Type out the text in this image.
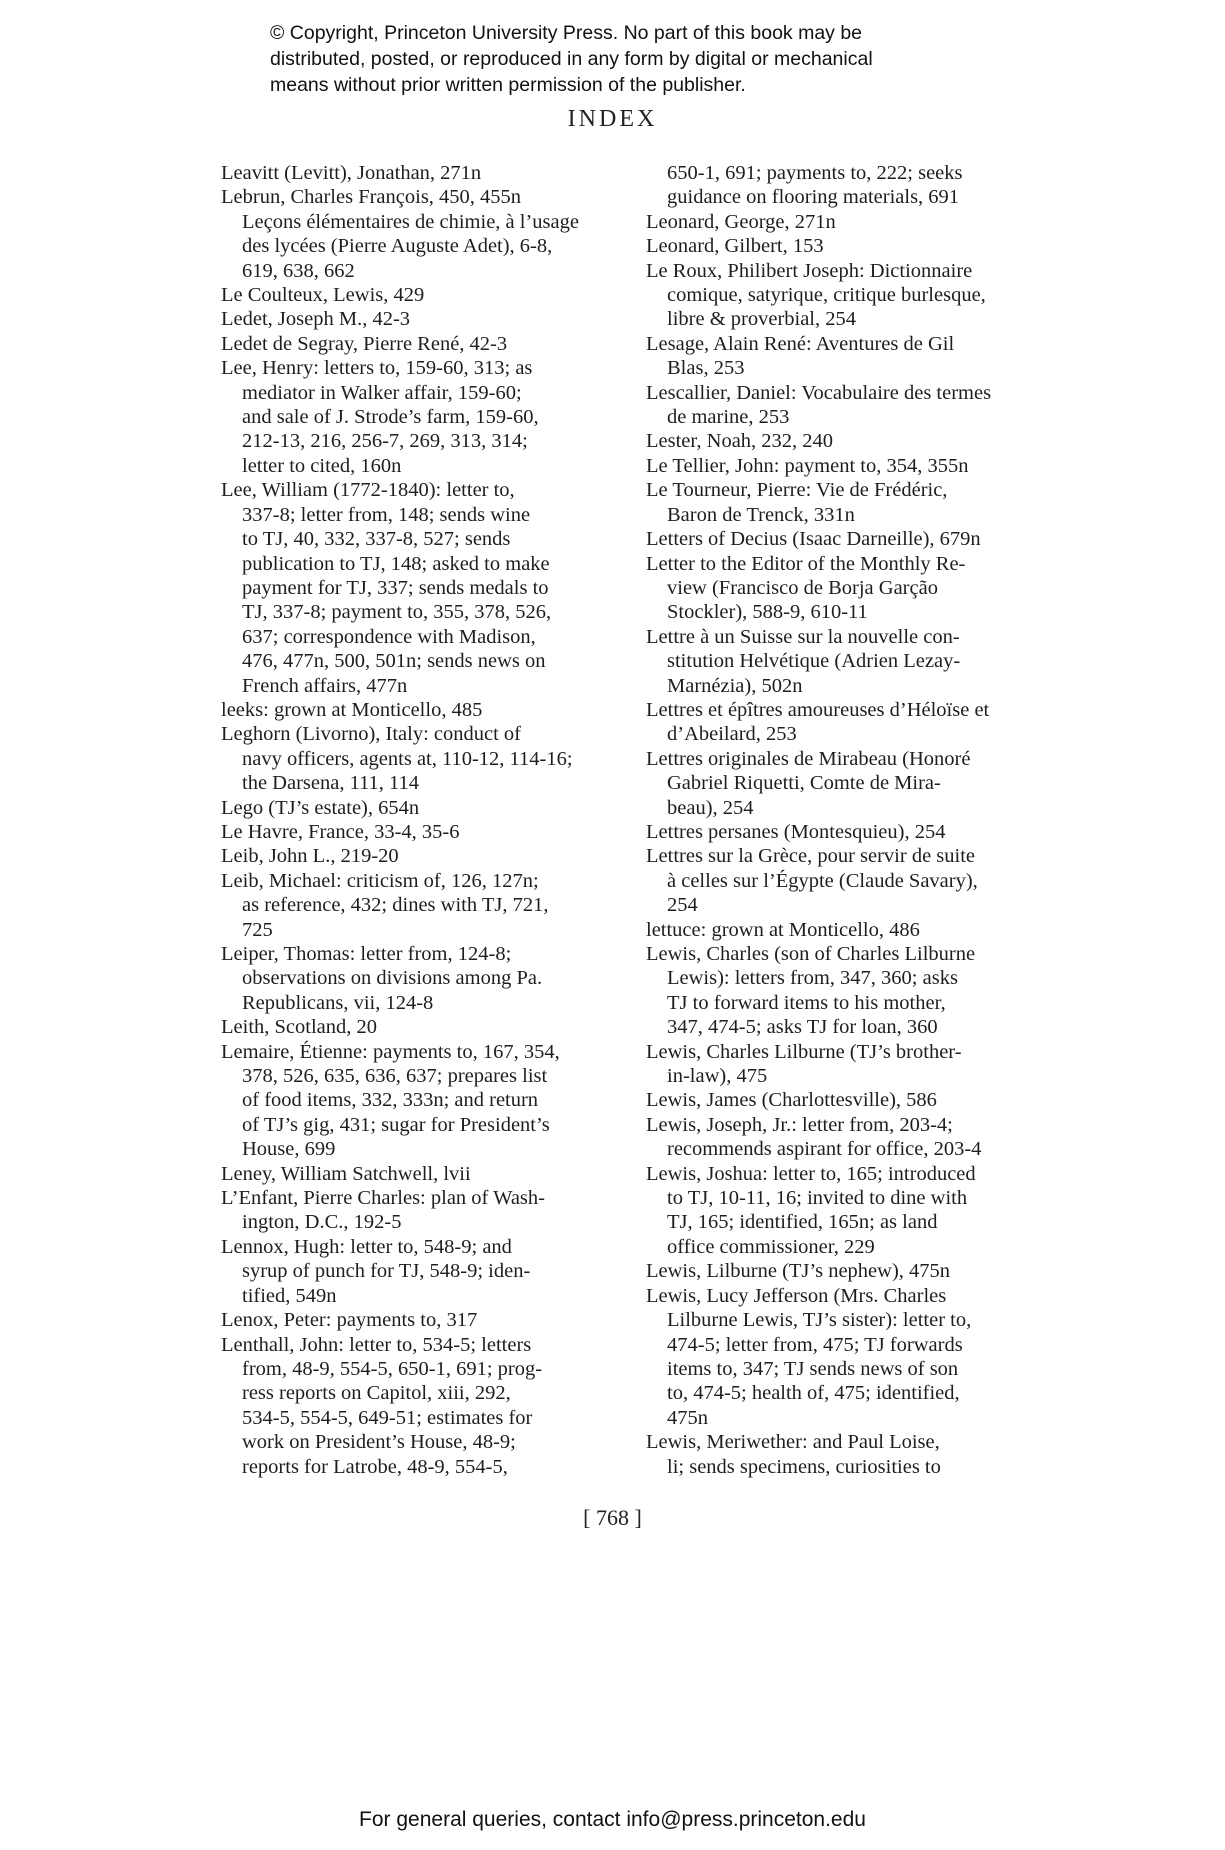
© Copyright, Princeton University Press. No part of this book may be
distributed, posted, or reproduced in any form by digital or mechanical
means without prior written permission of the publisher.
INDEX
Leavitt (Levitt), Jonathan, 271n
Lebrun, Charles François, 450, 455n
Leçons élémentaires de chimie, à l’usage
des lycées (Pierre Auguste Adet), 6-8,
619, 638, 662
Le Coulteux, Lewis, 429
Ledet, Joseph M., 42-3
Ledet de Segray, Pierre René, 42-3
Lee, Henry: letters to, 159-60, 313; as
mediator in Walker affair, 159-60;
and sale of J. Strode’s farm, 159-60,
212-13, 216, 256-7, 269, 313, 314;
letter to cited, 160n
Lee, William (1772-1840): letter to,
337-8; letter from, 148; sends wine
to TJ, 40, 332, 337-8, 527; sends
publication to TJ, 148; asked to make
payment for TJ, 337; sends medals to
TJ, 337-8; payment to, 355, 378, 526,
637; correspondence with Madison,
476, 477n, 500, 501n; sends news on
French affairs, 477n
leeks: grown at Monticello, 485
Leghorn (Livorno), Italy: conduct of
navy officers, agents at, 110-12, 114-16;
the Darsena, 111, 114
Lego (TJ’s estate), 654n
Le Havre, France, 33-4, 35-6
Leib, John L., 219-20
Leib, Michael: criticism of, 126, 127n;
as reference, 432; dines with TJ, 721,
725
Leiper, Thomas: letter from, 124-8;
observations on divisions among Pa.
Republicans, vii, 124-8
Leith, Scotland, 20
Lemaire, Étienne: payments to, 167, 354,
378, 526, 635, 636, 637; prepares list
of food items, 332, 333n; and return
of TJ’s gig, 431; sugar for President’s
House, 699
Leney, William Satchwell, lvii
L’Enfant, Pierre Charles: plan of Wash-
ington, D.C., 192-5
Lennox, Hugh: letter to, 548-9; and
syrup of punch for TJ, 548-9; iden-
tified, 549n
Lenox, Peter: payments to, 317
Lenthall, John: letter to, 534-5; letters
from, 48-9, 554-5, 650-1, 691; prog-
ress reports on Capitol, xiii, 292,
534-5, 554-5, 649-51; estimates for
work on President’s House, 48-9;
reports for Latrobe, 48-9, 554-5,
650-1, 691; payments to, 222; seeks
guidance on flooring materials, 691
Leonard, George, 271n
Leonard, Gilbert, 153
Le Roux, Philibert Joseph: Dictionnaire
comique, satyrique, critique burlesque,
libre & proverbial, 254
Lesage, Alain René: Aventures de Gil
Blas, 253
Lescallier, Daniel: Vocabulaire des termes
de marine, 253
Lester, Noah, 232, 240
Le Tellier, John: payment to, 354, 355n
Le Tourneur, Pierre: Vie de Frédéric,
Baron de Trenck, 331n
Letters of Decius (Isaac Darneille), 679n
Letter to the Editor of the Monthly Re-
view (Francisco de Borja Garção
Stockler), 588-9, 610-11
Lettre à un Suisse sur la nouvelle con-
stitution Helvétique (Adrien Lezay-
Marnézia), 502n
Lettres et épîtres amoureuses d’Héloïse et
d’Abeilard, 253
Lettres originales de Mirabeau (Honoré
Gabriel Riquetti, Comte de Mira-
beau), 254
Lettres persanes (Montesquieu), 254
Lettres sur la Grèce, pour servir de suite
à celles sur l’Égypte (Claude Savary),
254
lettuce: grown at Monticello, 486
Lewis, Charles (son of Charles Lilburne
Lewis): letters from, 347, 360; asks
TJ to forward items to his mother,
347, 474-5; asks TJ for loan, 360
Lewis, Charles Lilburne (TJ’s brother-
in-law), 475
Lewis, James (Charlottesville), 586
Lewis, Joseph, Jr.: letter from, 203-4;
recommends aspirant for office, 203-4
Lewis, Joshua: letter to, 165; introduced
to TJ, 10-11, 16; invited to dine with
TJ, 165; identified, 165n; as land
office commissioner, 229
Lewis, Lilburne (TJ’s nephew), 475n
Lewis, Lucy Jefferson (Mrs. Charles
Lilburne Lewis, TJ’s sister): letter to,
474-5; letter from, 475; TJ forwards
items to, 347; TJ sends news of son
to, 474-5; health of, 475; identified,
475n
Lewis, Meriwether: and Paul Loise,
li; sends specimens, curiosities to
[ 768 ]
For general queries, contact info@press.princeton.edu
